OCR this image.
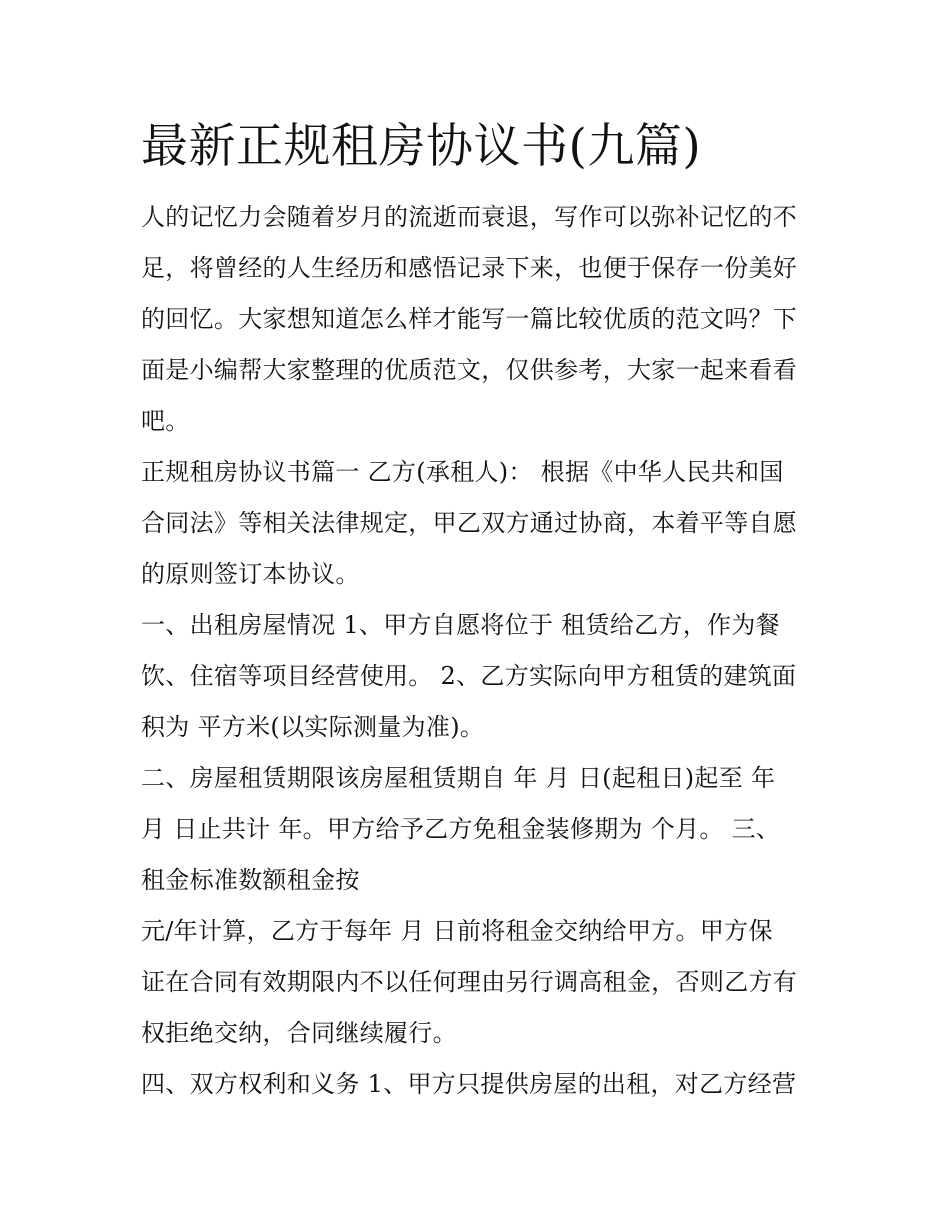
最新正规租房协议书(九篇)

人的记忆力会随着岁月的流逝而衰退，写作可以弥补记忆的不

足，将曾经的人生经历和感悟记录下来，也便于保存一份美好

的回忆。大家想知道怎么样才能写一篇比较优质的范文吗？下

面是小编帮大家整理的优质范文，仅供参考，大家一起来看看

吧。

正规租房协议书篇一 乙方(承租人)： 根据《中华人民共和国

合同法》等相关法律规定，甲乙双方通过协商，本着平等自愿

的原则签订本协议。

一、出租房屋情况 1、甲方自愿将位于 租赁给乙方，作为餐

饮、住宿等项目经营使用。 2、乙方实际向甲方租赁的建筑面

积为 平方米(以实际测量为准)。

二、房屋租赁期限该房屋租赁期自 年 月 日(起租日)起至 年

月 日止共计 年。甲方给予乙方免租金装修期为 个月。 三、

租金标准数额租金按

元/年计算，乙方于每年 月 日前将租金交纳给甲方。甲方保

证在合同有效期限内不以任何理由另行调高租金，否则乙方有

权拒绝交纳，合同继续履行。

四、双方权利和义务 1、甲方只提供房屋的出租，对乙方经营
